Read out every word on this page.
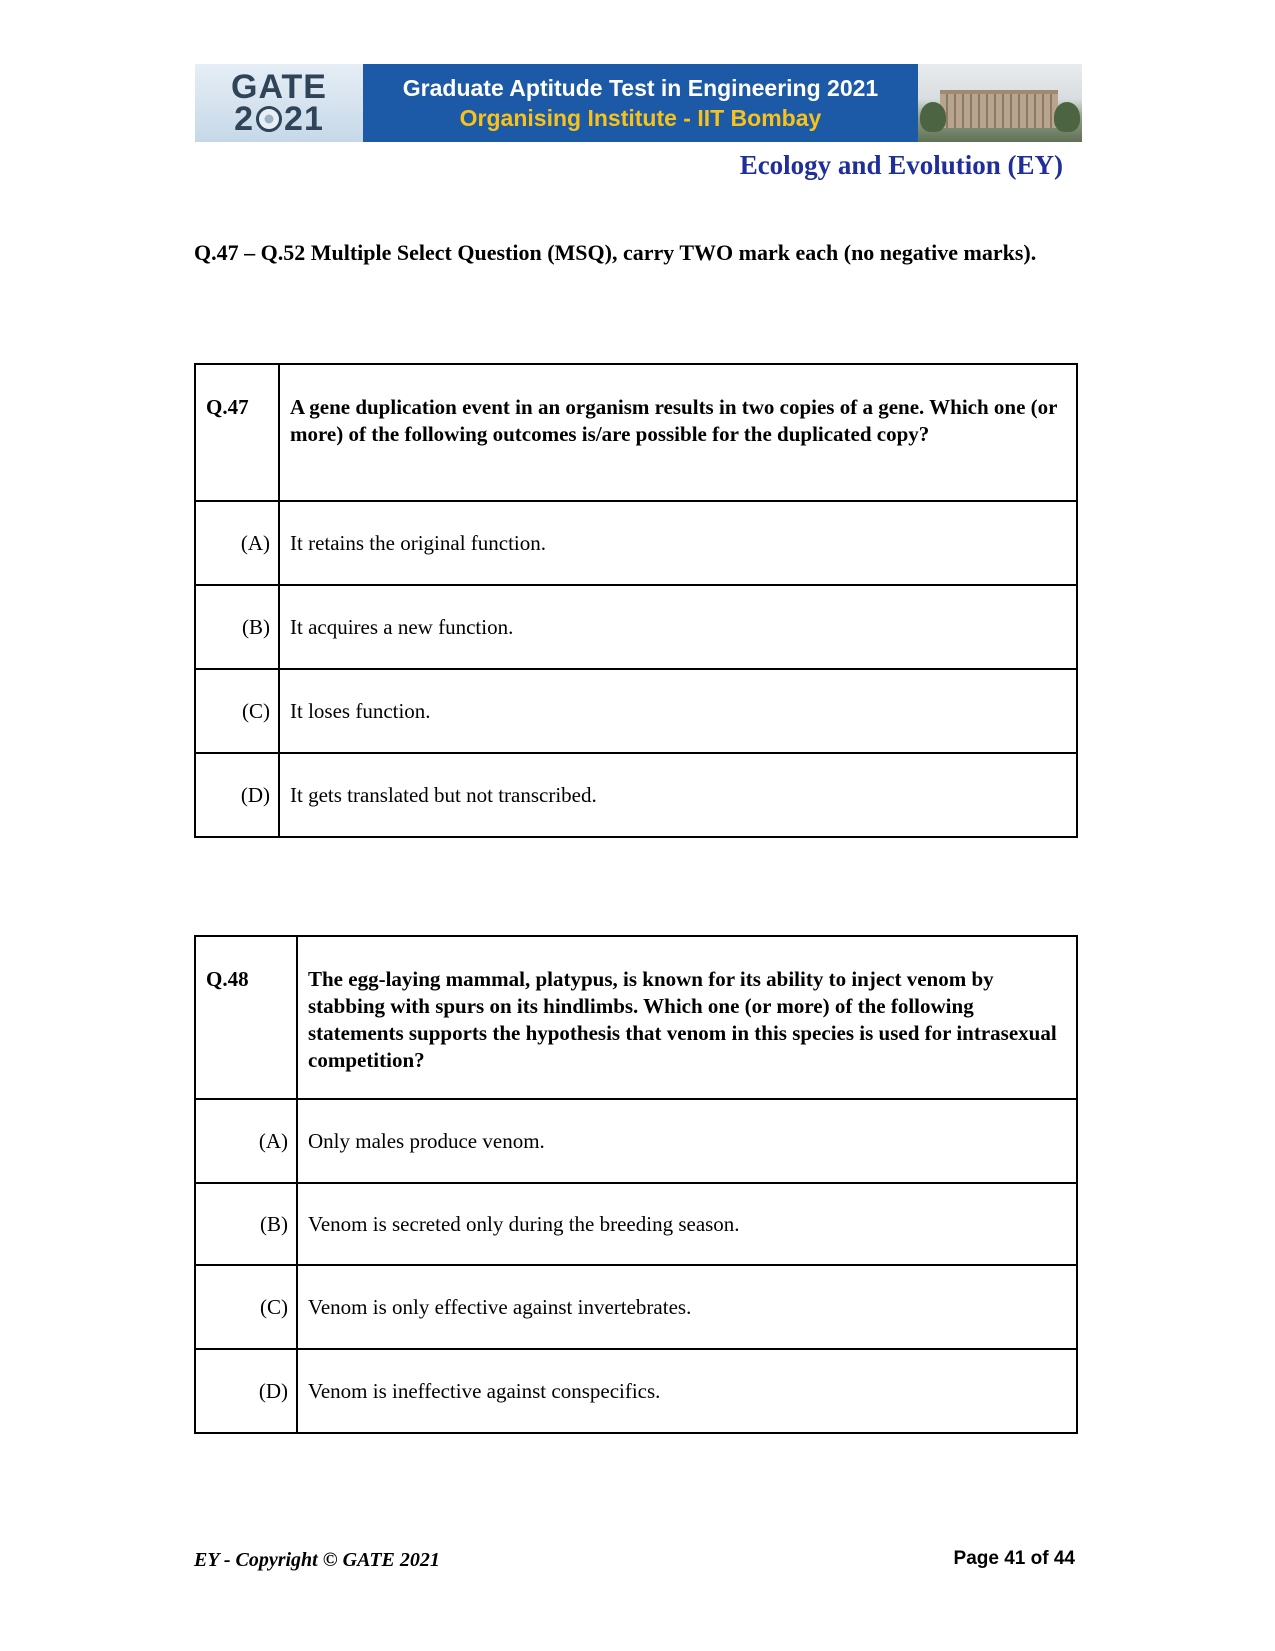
GATE
2 21
Graduate Aptitude Test in Engineering 2021
Organising Institute - IIT Bombay
Ecology and Evolution (EY)
Q.47 – Q.52 Multiple Select Question (MSQ), carry TWO mark each (no negative marks).
Q.47	A gene duplication event in an organism results in two copies of a gene. Which one (or more) of the following outcomes is/are possible for the duplicated copy?
(A)	It retains the original function.
(B)	It acquires a new function.
(C)	It loses function.
(D)	It gets translated but not transcribed.
Q.48	The egg-laying mammal, platypus, is known for its ability to inject venom by stabbing with spurs on its hindlimbs. Which one (or more) of the following statements supports the hypothesis that venom in this species is used for intrasexual competition?
(A)	Only males produce venom.
(B)	Venom is secreted only during the breeding season.
(C)	Venom is only effective against invertebrates.
(D)	Venom is ineffective against conspecifics.
EY - Copyright © GATE 2021	Page 41 of 44
